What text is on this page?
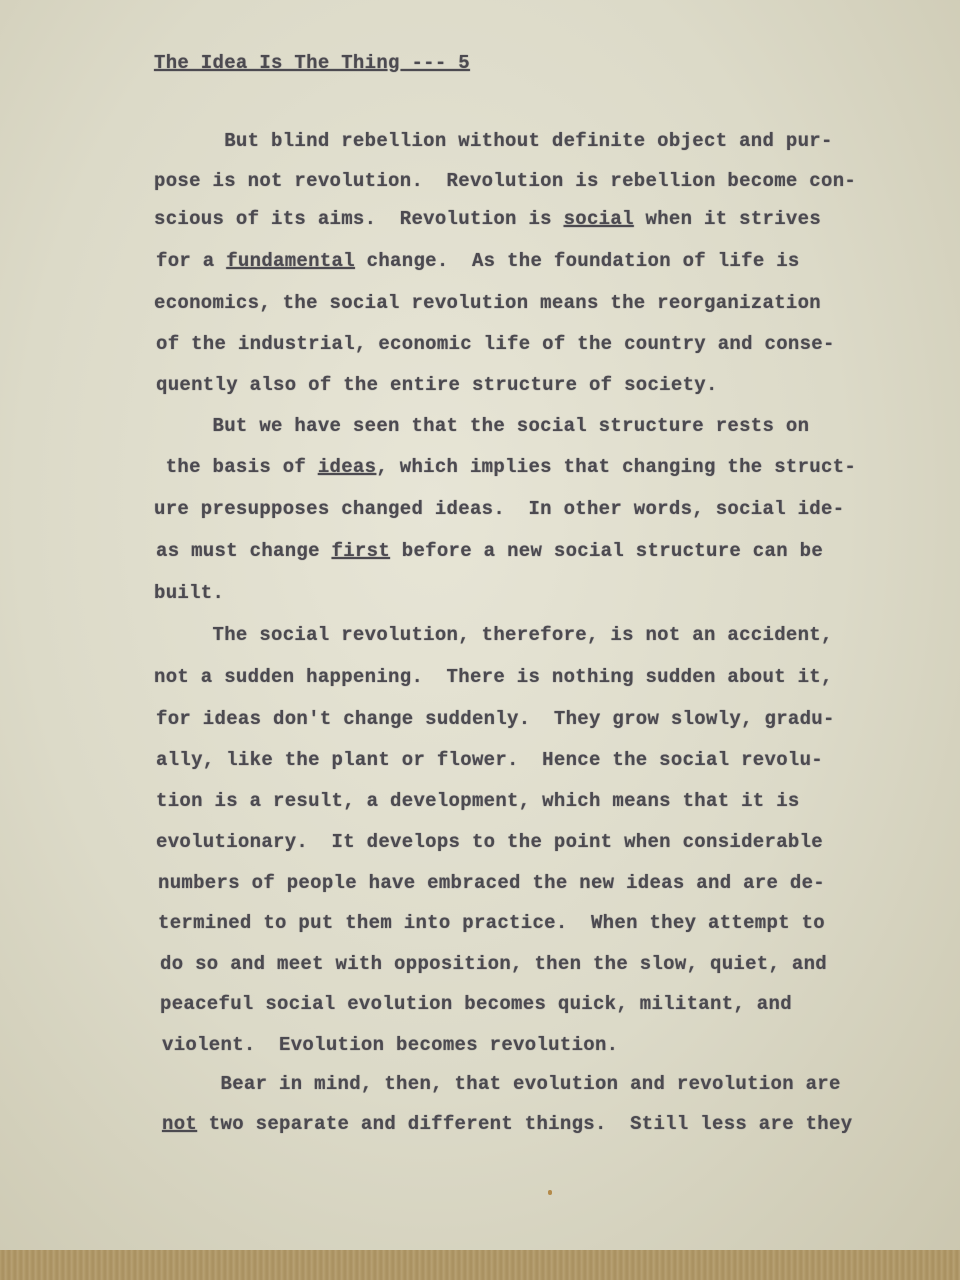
The Idea Is The Thing --- 5
But blind rebellion without definite object and pur-
pose is not revolution.  Revolution is rebellion become con-
scious of its aims.  Revolution is social when it strives
for a fundamental change.  As the foundation of life is
economics, the social revolution means the reorganization
of the industrial, economic life of the country and conse-
quently also of the entire structure of society.
But we have seen that the social structure rests on
the basis of ideas, which implies that changing the struct-
ure presupposes changed ideas.  In other words, social ide-
as must change first before a new social structure can be
built.
The social revolution, therefore, is not an accident,
not a sudden happening.  There is nothing sudden about it,
for ideas don't change suddenly.  They grow slowly, gradu-
ally, like the plant or flower.  Hence the social revolu-
tion is a result, a development, which means that it is
evolutionary.  It develops to the point when considerable
numbers of people have embraced the new ideas and are de-
termined to put them into practice.  When they attempt to
do so and meet with opposition, then the slow, quiet, and
peaceful social evolution becomes quick, militant, and
violent.  Evolution becomes revolution.
Bear in mind, then, that evolution and revolution are
not two separate and different things.  Still less are they
